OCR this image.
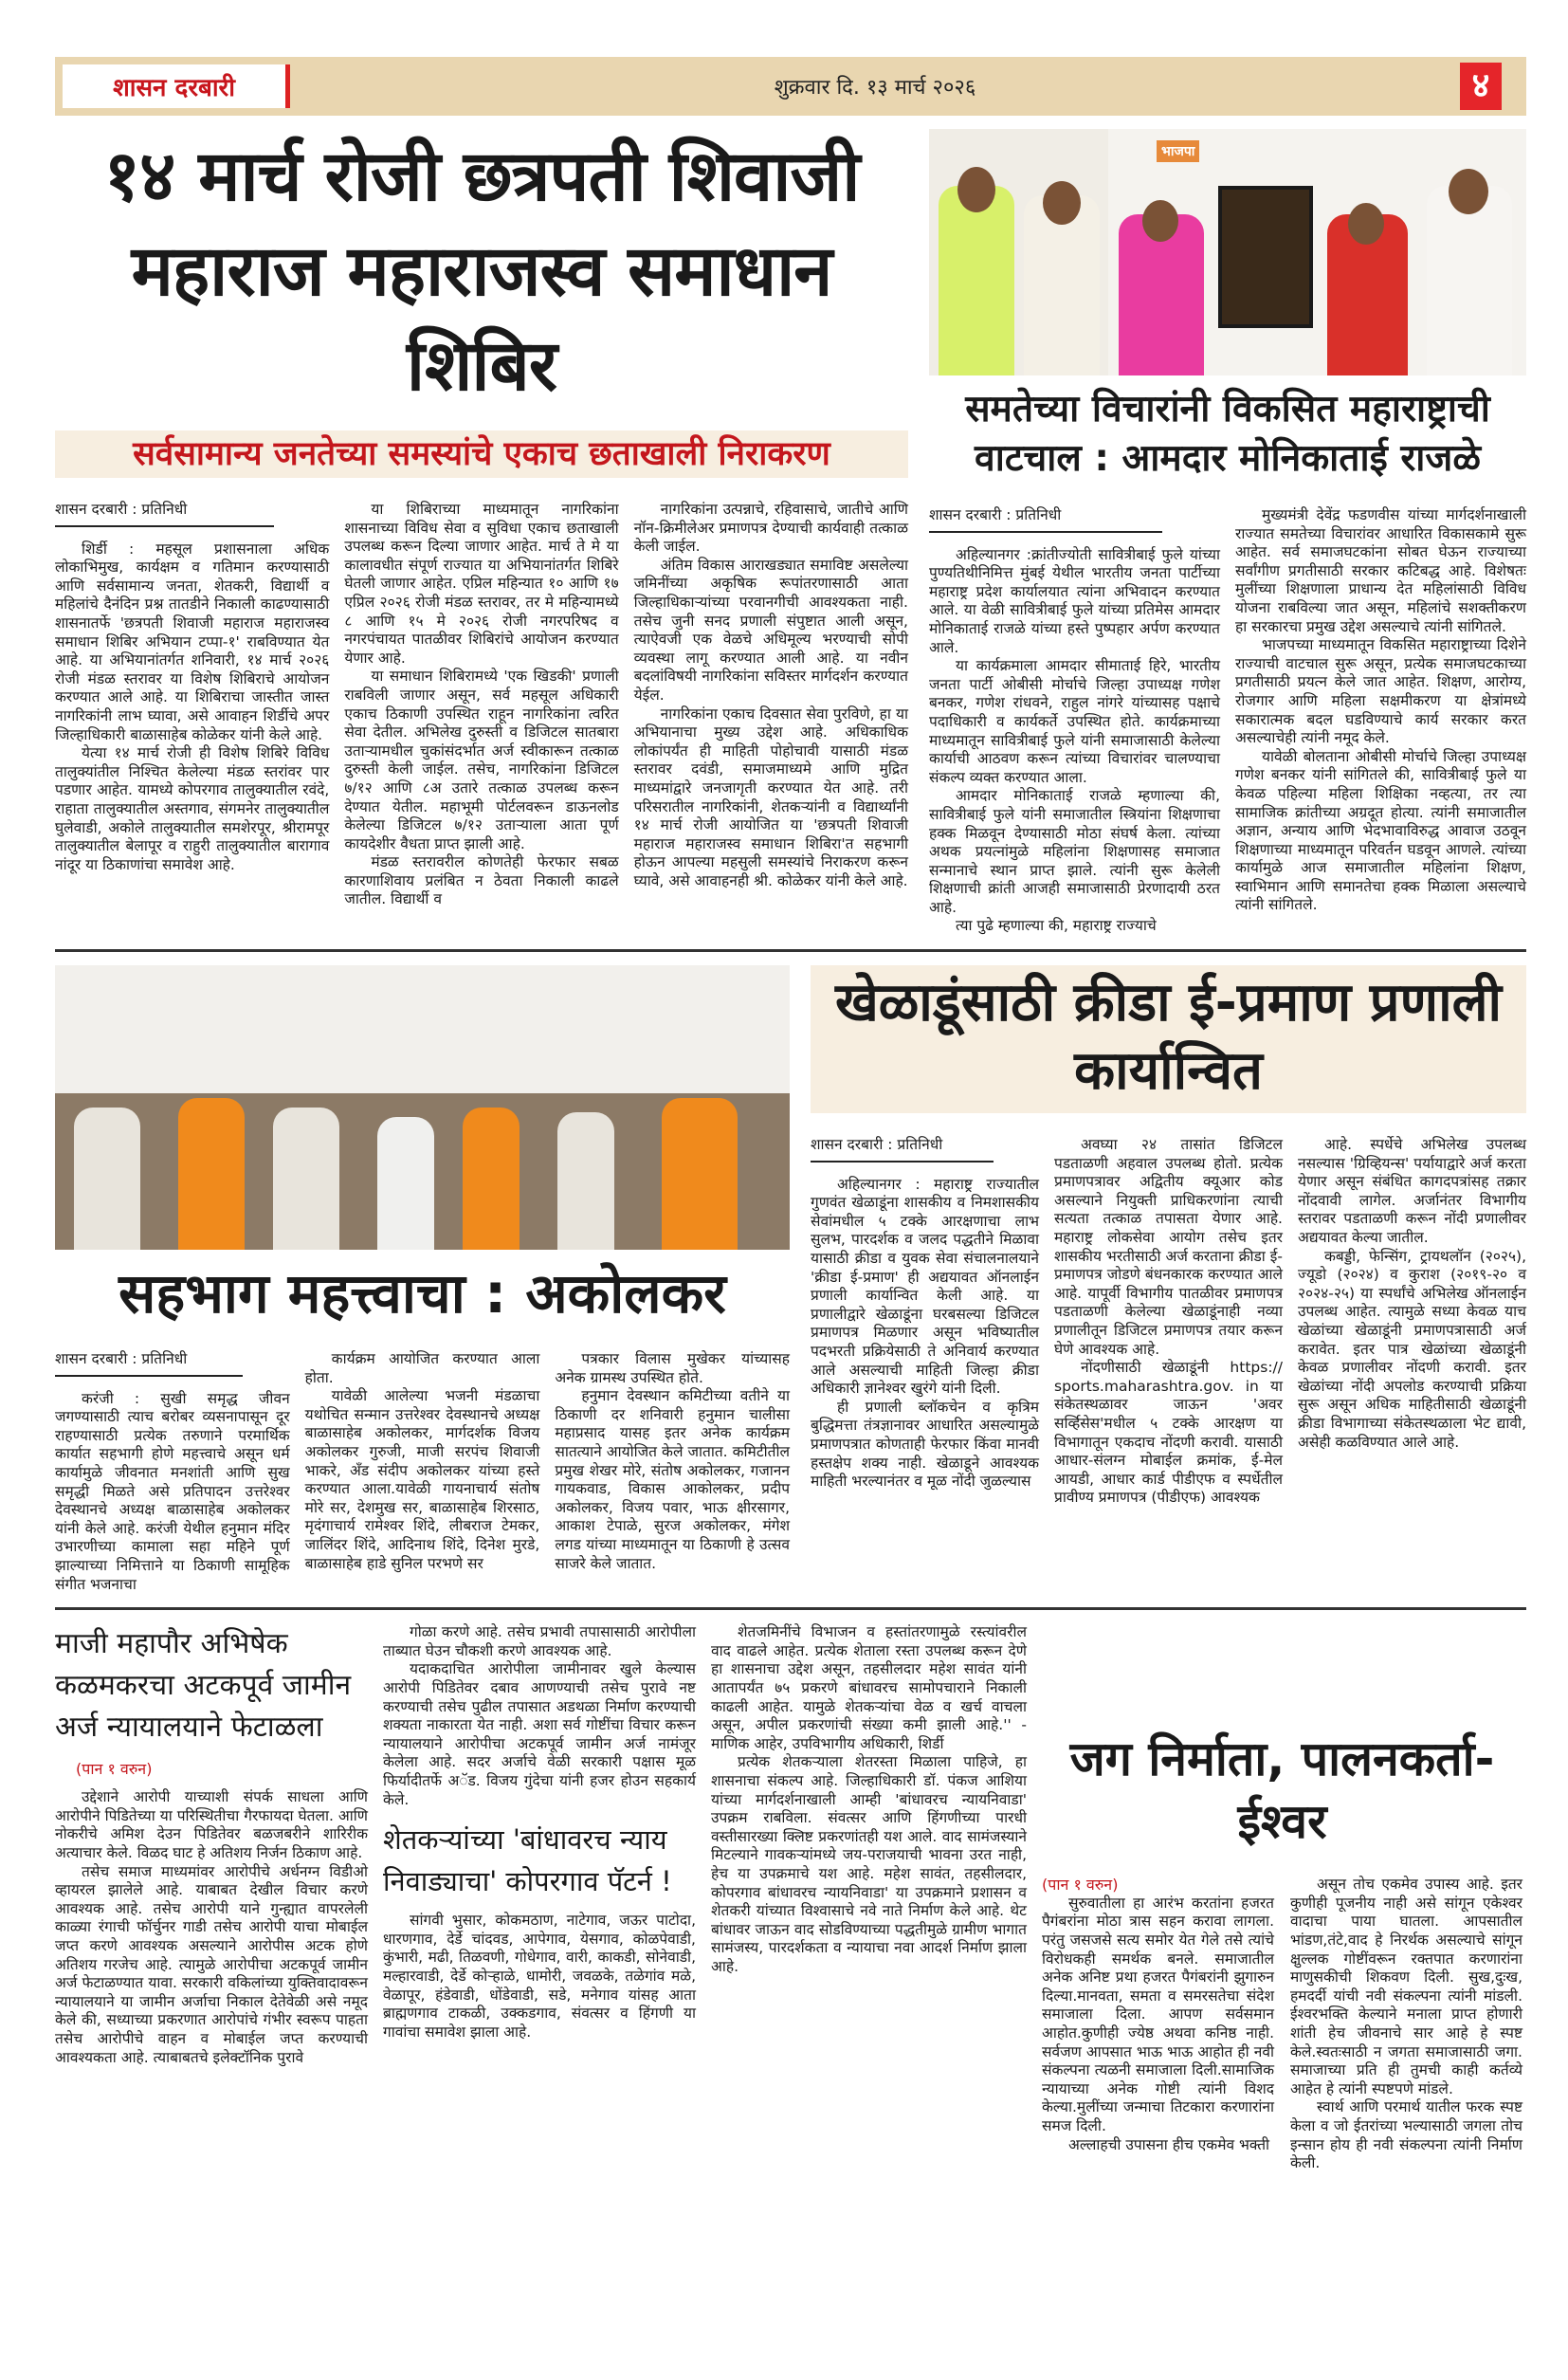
शासन दरबारी	शुक्रवार दि. १३ मार्च २०२६	४
१४ मार्च रोजी छत्रपती शिवाजी महाराज महाराजस्व समाधान शिबिर
सर्वसामान्य जनतेच्या समस्यांचे एकाच छताखाली निराकरण
शासन दरबारी : प्रतिनिधी

शिर्डी : महसूल प्रशासनाला अधिक लोकाभिमुख, कार्यक्षम व गतिमान करण्यासाठी आणि सर्वसामान्य जनता, शेतकरी, विद्यार्थी व महिलांचे दैनंदिन प्रश्न तातडीने निकाली काढण्यासाठी शासनातर्फे 'छत्रपती शिवाजी महाराज महाराजस्व समाधान शिबिर अभियान टप्पा-१' राबविण्यात येत आहे. या अभियानांतर्गत शनिवारी, १४ मार्च २०२६ रोजी मंडळ स्तरावर या विशेष शिबिराचे आयोजन करण्यात आले आहे. या शिबिराचा जास्तीत जास्त नागरिकांनी लाभ घ्यावा, असे आवाहन शिर्डीचे अपर जिल्हाधिकारी बाळासाहेब कोळेकर यांनी केले आहे.

येत्या १४ मार्च रोजी ही विशेष शिबिरे विविध तालुक्यांतील निश्चित केलेल्या मंडळ स्तरांवर पार पडणार आहेत. यामध्ये कोपरगाव तालुक्यातील रवंदे, राहाता तालुक्यातील अस्तगाव, संगमनेर तालुक्यातील घुलेवाडी, अकोले तालुक्यातील समशेरपूर, श्रीरामपूर तालुक्यातील बेलापूर व राहुरी तालुक्यातील बारागाव नांदूर या ठिकाणांचा समावेश आहे.

या शिबिराच्या माध्यमातून नागरिकांना शासनाच्या विविध सेवा व सुविधा एकाच छताखाली उपलब्ध करून दिल्या जाणार आहेत. मार्च ते मे या कालावधीत संपूर्ण राज्यात या अभियानांतर्गत शिबिरे घेतली जाणार आहेत. एप्रिल महिन्यात १० आणि १७ एप्रिल २०२६ रोजी मंडळ स्तरावर, तर मे महिन्यामध्ये ८ आणि १५ मे २०२६ रोजी नगरपरिषद व नगरपंचायत पातळीवर शिबिरांचे आयोजन करण्यात येणार आहे.

या समाधान शिबिरामध्ये 'एक खिडकी' प्रणाली राबविली जाणार असून, सर्व महसूल अधिकारी एकाच ठिकाणी उपस्थित राहून नागरिकांना त्वरित सेवा देतील. अभिलेख दुरुस्ती व डिजिटल सातबारा उताऱ्यामधील चुकांसंदर्भात अर्ज स्वीकारून तत्काळ दुरुस्ती केली जाईल. तसेच, नागरिकांना डिजिटल ७/१२ आणि ८अ उतारे तत्काळ उपलब्ध करून देण्यात येतील. महाभूमी पोर्टलवरून डाऊनलोड केलेल्या डिजिटल ७/१२ उताऱ्याला आता पूर्ण कायदेशीर वैधता प्राप्त झाली आहे.

मंडळ स्तरावरील कोणतेही फेरफार सबळ कारणाशिवाय प्रलंबित न ठेवता निकाली काढले जातील. विद्यार्थी व

नागरिकांना उत्पन्नाचे, रहिवासाचे, जातीचे आणि नॉन-क्रिमीलेअर प्रमाणपत्र देण्याची कार्यवाही तत्काळ केली जाईल.

अंतिम विकास आराखड्यात समाविष्ट असलेल्या जमिनींच्या अकृषिक रूपांतरणासाठी आता जिल्हाधिकाऱ्यांच्या परवानगीची आवश्यकता नाही. तसेच जुनी सनद प्रणाली संपुष्टात आली असून, त्याऐवजी एक वेळचे अधिमूल्य भरण्याची सोपी व्यवस्था लागू करण्यात आली आहे. या नवीन बदलांविषयी नागरिकांना सविस्तर मार्गदर्शन करण्यात येईल.

नागरिकांना एकाच दिवसात सेवा पुरविणे, हा या अभियानाचा मुख्य उद्देश आहे. अधिकाधिक लोकांपर्यंत ही माहिती पोहोचावी यासाठी मंडळ स्तरावर दवंडी, समाजमाध्यमे आणि मुद्रित माध्यमांद्वारे जनजागृती करण्यात येत आहे. तरी परिसरातील नागरिकांनी, शेतकऱ्यांनी व विद्यार्थ्यांनी १४ मार्च रोजी आयोजित या 'छत्रपती शिवाजी महाराज महाराजस्व समाधान शिबिरा'त सहभागी होऊन आपल्या महसुली समस्यांचे निराकरण करून घ्यावे, असे आवाहनही श्री. कोळेकर यांनी केले आहे.

भाजपा
समतेच्या विचारांनी विकसित महाराष्ट्राची वाटचाल : आमदार मोनिकाताई राजळे
शासन दरबारी : प्रतिनिधी

अहिल्यानगर :क्रांतीज्योती सावित्रीबाई फुले यांच्या पुण्यतिथीनिमित्त मुंबई येथील भारतीय जनता पार्टीच्या महाराष्ट्र प्रदेश कार्यालयात त्यांना अभिवादन करण्यात आले. या वेळी सावित्रीबाई फुले यांच्या प्रतिमेस आमदार मोनिकाताई राजळे यांच्या हस्ते पुष्पहार अर्पण करण्यात आले.

या कार्यक्रमाला आमदार सीमाताई हिरे, भारतीय जनता पार्टी ओबीसी मोर्चाचे जिल्हा उपाध्यक्ष गणेश बनकर, गणेश रांधवने, राहुल नांगरे यांच्यासह पक्षाचे पदाधिकारी व कार्यकर्ते उपस्थित होते. कार्यक्रमाच्या माध्यमातून सावित्रीबाई फुले यांनी समाजासाठी केलेल्या कार्याची आठवण करून त्यांच्या विचारांवर चालण्याचा संकल्प व्यक्त करण्यात आला.

आमदार मोनिकाताई राजळे म्हणाल्या की, सावित्रीबाई फुले यांनी समाजातील स्त्रियांना शिक्षणाचा हक्क मिळवून देण्यासाठी मोठा संघर्ष केला. त्यांच्या अथक प्रयत्नांमुळे महिलांना शिक्षणासह समाजात सन्मानाचे स्थान प्राप्त झाले. त्यांनी सुरू केलेली शिक्षणाची क्रांती आजही समाजासाठी प्रेरणादायी ठरत आहे.

त्या पुढे म्हणाल्या की, महाराष्ट्र राज्याचे

मुख्यमंत्री देवेंद्र फडणवीस यांच्या मार्गदर्शनाखाली राज्यात समतेच्या विचारांवर आधारित विकासकामे सुरू आहेत. सर्व समाजघटकांना सोबत घेऊन राज्याच्या सर्वांगीण प्रगतीसाठी सरकार कटिबद्ध आहे. विशेषतः मुलींच्या शिक्षणाला प्राधान्य देत महिलांसाठी विविध योजना राबविल्या जात असून, महिलांचे सशक्तीकरण हा सरकारचा प्रमुख उद्देश असल्याचे त्यांनी सांगितले.

भाजपच्या माध्यमातून विकसित महाराष्ट्राच्या दिशेने राज्याची वाटचाल सुरू असून, प्रत्येक समाजघटकाच्या प्रगतीसाठी प्रयत्न केले जात आहेत. शिक्षण, आरोग्य, रोजगार आणि महिला सक्षमीकरण या क्षेत्रांमध्ये सकारात्मक बदल घडविण्याचे कार्य सरकार करत असल्याचेही त्यांनी नमूद केले.

यावेळी बोलताना ओबीसी मोर्चाचे जिल्हा उपाध्यक्ष गणेश बनकर यांनी सांगितले की, सावित्रीबाई फुले या केवळ पहिल्या महिला शिक्षिका नव्हत्या, तर त्या सामाजिक क्रांतीच्या अग्रदूत होत्या. त्यांनी समाजातील अज्ञान, अन्याय आणि भेदभावाविरुद्ध आवाज उठवून शिक्षणाच्या माध्यमातून परिवर्तन घडवून आणले. त्यांच्या कार्यामुळे आज समाजातील महिलांना शिक्षण, स्वाभिमान आणि समानतेचा हक्क मिळाला असल्याचे त्यांनी सांगितले.

सहभाग महत्त्वाचा : अकोलकर
शासन दरबारी : प्रतिनिधी

करंजी : सुखी समृद्ध जीवन जगण्यासाठी त्याच बरोबर व्यसनापासून दूर राहण्यासाठी प्रत्येक तरुणाने परमार्थिक कार्यात सहभागी होणे महत्त्वाचे असून धर्म कार्यामुळे जीवनात मनशांती आणि सुख समृद्धी मिळते असे प्रतिपादन उत्तरेश्वर देवस्थानचे अध्यक्ष बाळासाहेब अकोलकर यांनी केले आहे. करंजी येथील हनुमान मंदिर उभारणीच्या कामाला सहा महिने पूर्ण झाल्याच्या निमित्ताने या ठिकाणी सामूहिक संगीत भजनाचा

कार्यक्रम आयोजित करण्यात आला होता.

यावेळी आलेल्या भजनी मंडळाचा यथोचित सन्मान उत्तरेश्वर देवस्थानचे अध्यक्ष बाळासाहेब अकोलकर, मार्गदर्शक विजय अकोलकर गुरुजी, माजी सरपंच शिवाजी भाकरे, अँड संदीप अकोलकर यांच्या हस्ते करण्यात आला.यावेळी गायनाचार्य संतोष मोरे सर, देशमुख सर, बाळासाहेब शिरसाठ, मृदंगाचार्य रामेश्वर शिंदे, लीबराज टेमकर, जालिंदर शिंदे, आदिनाथ शिंदे, दिनेश मुरडे, बाळासाहेब हाडे सुनिल परभणे सर

पत्रकार विलास मुखेकर यांच्यासह अनेक ग्रामस्थ उपस्थित होते.

हनुमान देवस्थान कमिटीच्या वतीने या ठिकाणी दर शनिवारी हनुमान चालीसा महाप्रसाद यासह इतर अनेक कार्यक्रम सातत्याने आयोजित केले जातात. कमिटीतील प्रमुख शेखर मोरे, संतोष अकोलकर, गजानन गायकवाड, विकास आकोलकर, प्रदीप अकोलकर, विजय पवार, भाऊ क्षीरसागर, आकाश टेपाळे, सुरज अकोलकर, मंगेश लगड यांच्या माध्यमातून या ठिकाणी हे उत्सव साजरे केले जातात.

खेळाडूंसाठी क्रीडा ई-प्रमाण प्रणाली कार्यान्वित
शासन दरबारी : प्रतिनिधी

अहिल्यानगर : महाराष्ट्र राज्यातील गुणवंत खेळाडूंना शासकीय व निमशासकीय सेवांमधील ५ टक्के आरक्षणाचा लाभ सुलभ, पारदर्शक व जलद पद्धतीने मिळावा यासाठी क्रीडा व युवक सेवा संचालनालयाने 'क्रीडा ई-प्रमाण' ही अद्ययावत ऑनलाईन प्रणाली कार्यान्वित केली आहे. या प्रणालीद्वारे खेळाडूंना घरबसल्या डिजिटल प्रमाणपत्र मिळणार असून भविष्यातील पदभरती प्रक्रियेसाठी ते अनिवार्य करण्यात आले असल्याची माहिती जिल्हा क्रीडा अधिकारी ज्ञानेश्वर खुरंगे यांनी दिली.

ही प्रणाली ब्लॉकचेन व कृत्रिम बुद्धिमत्ता तंत्रज्ञानावर आधारित असल्यामुळे प्रमाणपत्रात कोणताही फेरफार किंवा मानवी हस्तक्षेप शक्य नाही. खेळाडूने आवश्यक माहिती भरल्यानंतर व मूळ नोंदी जुळल्यास

अवघ्या २४ तासांत डिजिटल पडताळणी अहवाल उपलब्ध होतो. प्रत्येक प्रमाणपत्रावर अद्वितीय क्यूआर कोड असल्याने नियुक्ती प्राधिकरणांना त्याची सत्यता तत्काळ तपासता येणार आहे. महाराष्ट्र लोकसेवा आयोग तसेच इतर शासकीय भरतीसाठी अर्ज करताना क्रीडा ई-प्रमाणपत्र जोडणे बंधनकारक करण्यात आले आहे. यापूर्वी विभागीय पातळीवर प्रमाणपत्र पडताळणी केलेल्या खेळाडूंनाही नव्या प्रणालीतून डिजिटल प्रमाणपत्र तयार करून घेणे आवश्यक आहे.

नोंदणीसाठी खेळाडूंनी https:// sports.maharashtra.gov. in या संकेतस्थळावर जाऊन 'अवर सर्व्हिसेस'मधील ५ टक्के आरक्षण या विभागातून एकदाच नोंदणी करावी. यासाठी आधार-संलग्न मोबाईल क्रमांक, ई-मेल आयडी, आधार कार्ड पीडीएफ व स्पर्धेतील प्रावीण्य प्रमाणपत्र (पीडीएफ) आवश्यक

आहे. स्पर्धेचे अभिलेख उपलब्ध नसल्यास 'ग्रिव्हियन्स' पर्यायाद्वारे अर्ज करता येणार असून संबंधित कागदपत्रांसह तक्रार नोंदवावी लागेल. अर्जानंतर विभागीय स्तरावर पडताळणी करून नोंदी प्रणालीवर अद्ययावत केल्या जातील.

कबड्डी, फेन्सिंग, ट्रायथलॉन (२०२५), ज्यूडो (२०२४) व कुराश (२०१९-२० व २०२४-२५) या स्पर्धांचे अभिलेख ऑनलाईन उपलब्ध आहेत. त्यामुळे सध्या केवळ याच खेळांच्या खेळाडूंनी प्रमाणपत्रासाठी अर्ज करावेत. इतर पात्र खेळांच्या खेळाडूंनी केवळ प्रणालीवर नोंदणी करावी. इतर खेळांच्या नोंदी अपलोड करण्याची प्रक्रिया सुरू असून अधिक माहितीसाठी खेळाडूंनी क्रीडा विभागाच्या संकेतस्थळाला भेट द्यावी, असेही कळविण्यात आले आहे.

माजी महापौर अभिषेक कळमकरचा अटकपूर्व जामीन अर्ज न्यायालयाने फेटाळला
(पान १ वरुन)

उद्देशाने आरोपी याच्याशी संपर्क साधला आणि आरोपीने पिडितेच्या या परिस्थितीचा गैरफायदा घेतला. आणि नोकरीचे अमिश देउन पिडितेवर बळजबरीने शारिरीक अत्याचार केले. विळद घाट हे अतिशय निर्जन ठिकाण आहे.

तसेच समाज माध्यमांवर आरोपीचे अर्धनग्न विडीओ व्हायरल झालेले आहे. याबाबत देखील विचार करणे आवश्यक आहे. तसेच आरोपी याने गुन्ह्यात वापरलेली काळ्या रंगाची फॉर्चुनर गाडी तसेच आरोपी याचा मोबाईल जप्त करणे आवश्यक असल्याने आरोपीस अटक होणे अतिशय गरजेच आहे. त्यामुळे आरोपीचा अटकपूर्व जामीन अर्ज फेटाळण्यात यावा. सरकारी वकिलांच्या युक्तिवादावरून न्यायालयाने या जामीन अर्जाचा निकाल देतेवेळी असे नमूद केले की, सध्याच्या प्रकरणात आरोपांचे गंभीर स्वरूप पाहता तसेच आरोपीचे वाहन व मोबाईल जप्त करण्याची आवश्यकता आहे. त्याबाबतचे इलेक्टॉनिक पुरावे

गोळा करणे आहे. तसेच प्रभावी तपासासाठी आरोपीला ताब्यात घेउन चौकशी करणे आवश्यक आहे.

यदाकदाचित आरोपीला जामीनावर खुले केल्यास आरोपी पिडितेवर दबाव आणण्याची तसेच पुरावे नष्ट करण्याची तसेच पुढील तपासात अडथळा निर्माण करण्याची शक्यता नाकारता येत नाही. अशा सर्व गोष्टींचा विचार करून न्यायालयाने आरोपीचा अटकपूर्व जामीन अर्ज नामंजूर केलेला आहे. सदर अर्जाचे वेळी सरकारी पक्षास मूळ फिर्यादीतर्फे अॅड. विजय गुंदेचा यांनी हजर होउन सहकार्य केले.

शेतकऱ्यांच्या 'बांधावरच न्याय निवाड्याचा' कोपरगाव पॅटर्न !

सांगवी भुसार, कोकमठाण, नाटेगाव, जऊर पाटोदा, धारणगाव, देर्डे चांदवड, आपेगाव, येसगाव, कोळपेवाडी, कुंभारी, मढी, तिळवणी, गोधेगाव, वारी, काकडी, सोनेवाडी, मल्हारवाडी, देर्डे कोऱ्हाळे, धामोरी, जवळके, तळेगांव मळे, वेळापूर, हंडेवाडी, धोंडेवाडी, सडे, मनेगाव यांसह आता ब्राह्मणगाव टाकळी, उक्कडगाव, संवत्सर व हिंगणी या गावांचा समावेश झाला आहे.

शेतजमिनींचे विभाजन व हस्तांतरणामुळे रस्त्यांवरील वाद वाढले आहेत. प्रत्येक शेताला रस्ता उपलब्ध करून देणे हा शासनाचा उद्देश असून, तहसीलदार महेश सावंत यांनी आतापर्यंत ७५ प्रकरणे बांधावरच सामोपचाराने निकाली काढली आहेत. यामुळे शेतकऱ्यांचा वेळ व खर्च वाचला असून, अपील प्रकरणांची संख्या कमी झाली आहे.'' - माणिक आहेर, उपविभागीय अधिकारी, शिर्डी

प्रत्येक शेतकऱ्याला शेतरस्ता मिळाला पाहिजे, हा शासनाचा संकल्प आहे. जिल्हाधिकारी डॉ. पंकज आशिया यांच्या मार्गदर्शनाखाली आम्ही 'बांधावरच न्यायनिवाडा' उपक्रम राबविला. संवत्सर आणि हिंगणीच्या पारधी वस्तीसारख्या क्लिष्ट प्रकरणांतही यश आले. वाद सामंजस्याने मिटल्याने गावकऱ्यांमध्ये जय-पराजयाची भावना उरत नाही, हेच या उपक्रमाचे यश आहे. महेश सावंत, तहसीलदार, कोपरगाव बांधावरच न्यायनिवाडा' या उपक्रमाने प्रशासन व शेतकरी यांच्यात विश्वासाचे नवे नाते निर्माण केले आहे. थेट बांधावर जाऊन वाद सोडविण्याच्या पद्धतीमुळे ग्रामीण भागात सामंजस्य, पारदर्शकता व न्यायाचा नवा आदर्श निर्माण झाला आहे.

जग निर्माता, पालनकर्ता-ईश्वर
(पान १ वरुन)

सुरुवातीला हा आरंभ करतांना हजरत पैगंबरांना मोठा त्रास सहन करावा लागला. परंतु जसजसे सत्य समोर येत गेले तसे त्यांचे विरोधकही समर्थक बनले. समाजातील अनेक अनिष्ट प्रथा हजरत पैगंबरांनी झुगारुन दिल्या.मानवता, समता व समरसतेचा संदेश समाजाला दिला. आपण सर्वसमान आहोत.कुणीही ज्येष्ठ अथवा कनिष्ठ नाही. सर्वजण आपसात भाऊ भाऊ आहोत ही नवी संकल्पना त्यळनी समाजाला दिली.सामाजिक न्यायाच्या अनेक गोष्टी त्यांनी विशद केल्या.मुलींच्या जन्माचा तिटकारा करणारांना समज दिली.

अल्लाहची उपासना हीच एकमेव भक्ती

असून तोच एकमेव उपास्य आहे. इतर कुणीही पूजनीय नाही असे सांगून एकेश्वर वादाचा पाया घातला. आपसातील भांडण,तंटे,वाद हे निरर्थक असल्याचे सांगून क्षुल्लक गोष्टींवरून रक्तपात करणारांना माणुसकीची शिकवण दिली. सुख,दुःख, हमदर्दी यांची नवी संकल्पना त्यांनी मांडली. ईश्वरभक्ति केल्याने मनाला प्राप्त होणारी शांती हेच जीवनाचे सार आहे हे स्पष्ट केले.स्वतःसाठी न जगता समाजासाठी जगा. समाजाच्या प्रति ही तुमची काही कर्तव्ये आहेत हे त्यांनी स्पष्टपणे मांडले.

स्वार्थ आणि परमार्थ यातील फरक स्पष्ट केला व जो ईतरांच्या भल्यासाठी जगला तोच इन्सान होय ही नवी संकल्पना त्यांनी निर्माण केली.
